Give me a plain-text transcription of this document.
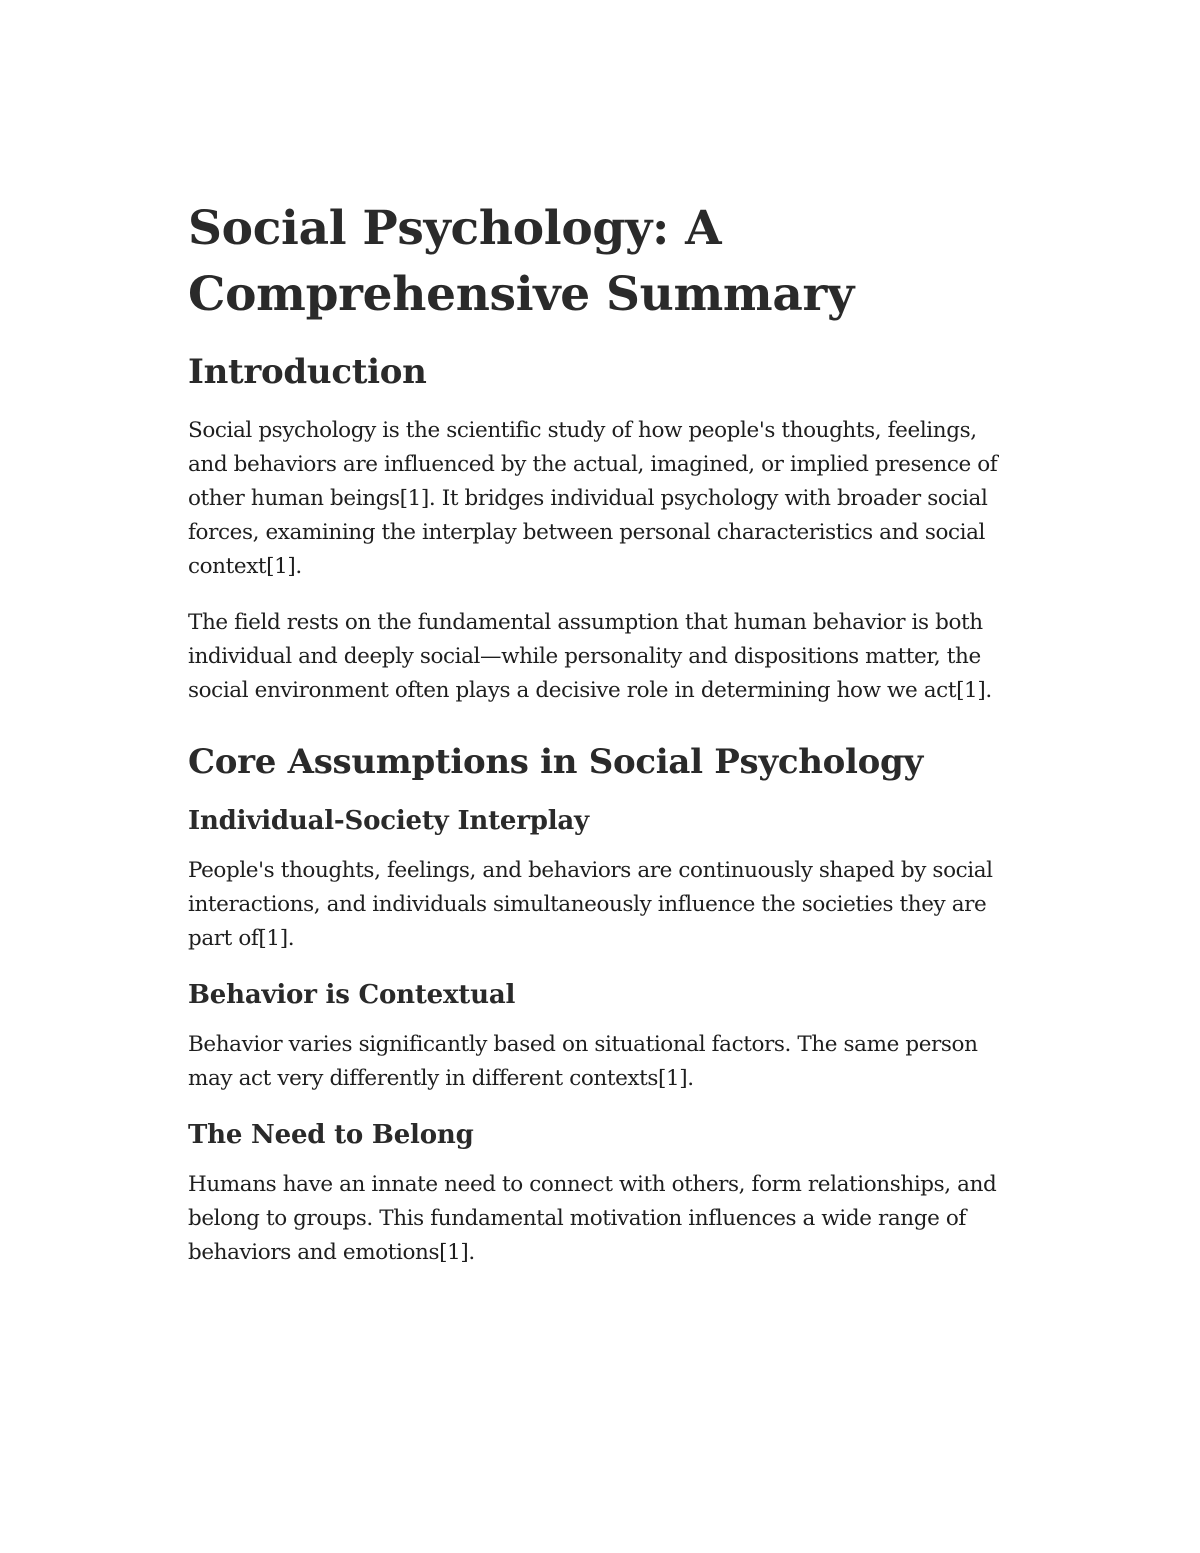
Social Psychology: A Comprehensive Summary
Introduction

Social psychology is the scientific study of how people's thoughts, feelings, and behaviors are influenced by the actual, imagined, or implied presence of other human beings[1]. It bridges individual psychology with broader social forces, examining the interplay between personal characteristics and social context[1].

The field rests on the fundamental assumption that human behavior is both individual and deeply social—while personality and dispositions matter, the social environment often plays a decisive role in determining how we act[1].

Core Assumptions in Social Psychology
Individual-Society Interplay

People's thoughts, feelings, and behaviors are continuously shaped by social interactions, and individuals simultaneously influence the societies they are part of[1].

Behavior is Contextual

Behavior varies significantly based on situational factors. The same person may act very differently in different contexts[1].

The Need to Belong

Humans have an innate need to connect with others, form relationships, and belong to groups. This fundamental motivation influences a wide range of behaviors and emotions[1].
